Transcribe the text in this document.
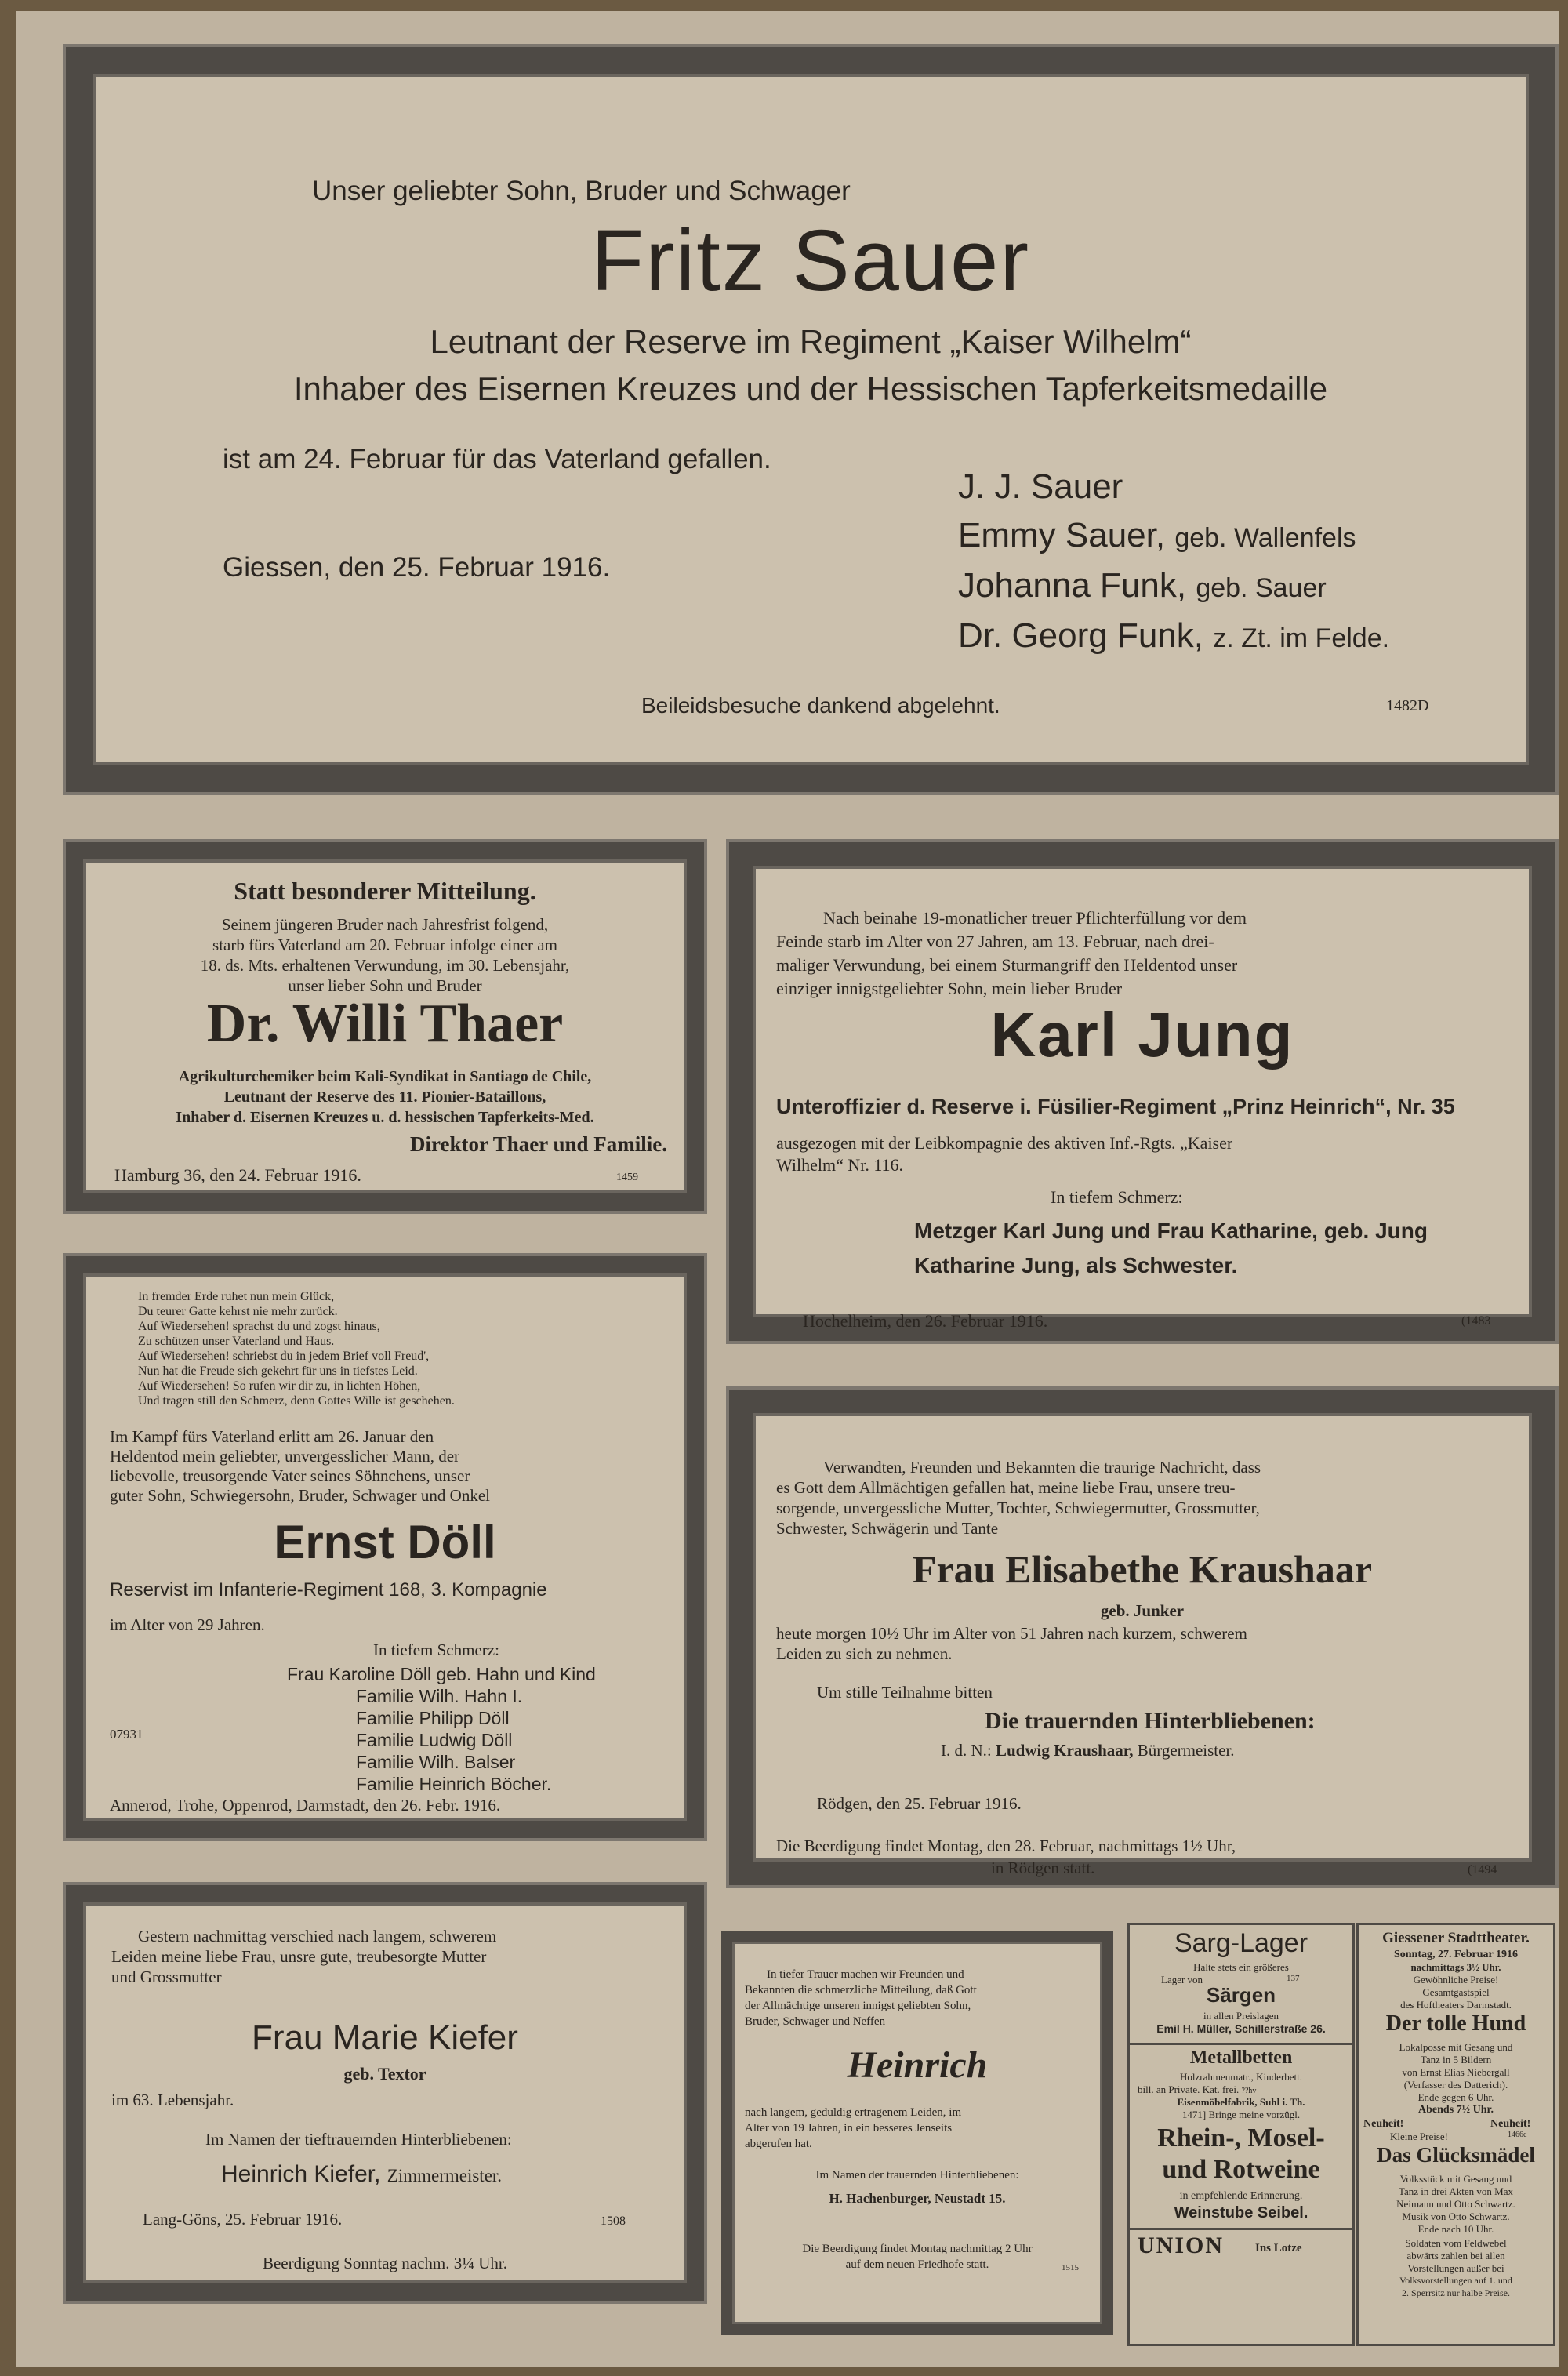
Unser geliebter Sohn, Bruder und Schwager
Fritz Sauer
Leutnant der Reserve im Regiment „Kaiser Wilhelm“
Inhaber des Eisernen Kreuzes und der Hessischen Tapferkeitsmedaille
ist am 24. Februar für das Vaterland gefallen.
Giessen, den 25. Februar 1916.
J. J. Sauer
Emmy Sauer, geb. Wallenfels
Johanna Funk, geb. Sauer
Dr. Georg Funk, z. Zt. im Felde.
Beileidsbesuche dankend abgelehnt.	1482D
Statt besonderer Mitteilung.
Seinem jüngeren Bruder nach Jahresfrist folgend,
starb fürs Vaterland am 20. Februar infolge einer am
18. ds. Mts. erhaltenen Verwundung, im 30. Lebensjahr,
unser lieber Sohn und Bruder
Dr. Willi Thaer
Agrikulturchemiker beim Kali-Syndikat in Santiago de Chile,
Leutnant der Reserve des 11. Pionier-Bataillons,
Inhaber d. Eisernen Kreuzes u. d. hessischen Tapferkeits-Med.
Direktor Thaer und Familie.
Hamburg 36, den 24. Februar 1916.	1459
In fremder Erde ruhet nun mein Glück,
Du teurer Gatte kehrst nie mehr zurück.
Auf Wiedersehen! sprachst du und zogst hinaus,
Zu schützen unser Vaterland und Haus.
Auf Wiedersehen! schriebst du in jedem Brief voll Freud',
Nun hat die Freude sich gekehrt für uns in tiefstes Leid.
Auf Wiedersehen! So rufen wir dir zu, in lichten Höhen,
Und tragen still den Schmerz, denn Gottes Wille ist geschehen.
Im Kampf fürs Vaterland erlitt am 26. Januar den
Heldentod mein geliebter, unvergesslicher Mann, der
liebevolle, treusorgende Vater seines Söhnchens, unser
guter Sohn, Schwiegersohn, Bruder, Schwager und Onkel
Ernst Döll
Reservist im Infanterie-Regiment 168, 3. Kompagnie
im Alter von 29 Jahren.
In tiefem Schmerz:
Frau Karoline Döll geb. Hahn und Kind
Familie Wilh. Hahn I.
Familie Philipp Döll
Familie Ludwig Döll
Familie Wilh. Balser
Familie Heinrich Böcher.
07931
Annerod, Trohe, Oppenrod, Darmstadt, den 26. Febr. 1916.
Gestern nachmittag verschied nach langem, schwerem
Leiden meine liebe Frau, unsre gute, treubesorgte Mutter
und Grossmutter
Frau Marie Kiefer
geb. Textor
im 63. Lebensjahr.
Im Namen der tieftrauernden Hinterbliebenen:
Heinrich Kiefer, Zimmermeister.
Lang-Göns, 25. Februar 1916.	1508
Beerdigung Sonntag nachm. 3¼ Uhr.
Nach beinahe 19-monatlicher treuer Pflichterfüllung vor dem
Feinde starb im Alter von 27 Jahren, am 13. Februar, nach drei-
maliger Verwundung, bei einem Sturmangriff den Heldentod unser
einziger innigstgeliebter Sohn, mein lieber Bruder
Karl Jung
Unteroffizier d. Reserve i. Füsilier-Regiment „Prinz Heinrich“, Nr. 35
ausgezogen mit der Leibkompagnie des aktiven Inf.-Rgts. „Kaiser
Wilhelm“ Nr. 116.
In tiefem Schmerz:
Metzger Karl Jung und Frau Katharine, geb. Jung
Katharine Jung, als Schwester.
Hochelheim, den 26. Februar 1916.	(1483
Verwandten, Freunden und Bekannten die traurige Nachricht, dass
es Gott dem Allmächtigen gefallen hat, meine liebe Frau, unsere treu-
sorgende, unvergessliche Mutter, Tochter, Schwiegermutter, Grossmutter,
Schwester, Schwägerin und Tante
Frau Elisabethe Kraushaar
geb. Junker
heute morgen 10½ Uhr im Alter von 51 Jahren nach kurzem, schwerem
Leiden zu sich zu nehmen.
Um stille Teilnahme bitten
Die trauernden Hinterbliebenen:
I. d. N.: Ludwig Kraushaar, Bürgermeister.
Rödgen, den 25. Februar 1916.
Die Beerdigung findet Montag, den 28. Februar, nachmittags 1½ Uhr,
in Rödgen statt.	(1494
In tiefer Trauer machen wir Freunden und
Bekannten die schmerzliche Mitteilung, daß Gott
der Allmächtige unseren innigst geliebten Sohn,
Bruder, Schwager und Neffen
Heinrich
nach langem, geduldig ertragenem Leiden, im
Alter von 19 Jahren, in ein besseres Jenseits
abgerufen hat.
Im Namen der trauernden Hinterbliebenen:
H. Hachenburger, Neustadt 15.
Die Beerdigung findet Montag nachmittag 2 Uhr
auf dem neuen Friedhofe statt.	1515
Sarg-Lager
Halte stets ein größeres
Lager von	137
Särgen
in allen Preislagen
Emil H. Müller, Schillerstraße 26.
Metallbetten
Holzrahmenmatr., Kinderbett.
bill. an Private. Kat. frei. ??hv
Eisenmöbelfabrik, Suhl i. Th.
1471] Bringe meine vorzügl.
Rhein-, Mosel-
und Rotweine
in empfehlende Erinnerung.
Weinstube Seibel.
UNION	Ins Lotze
Giessener Stadttheater.
Sonntag, 27. Februar 1916
nachmittags 3½ Uhr.
Gewöhnliche Preise!
Gesamtgastspiel
des Hoftheaters Darmstadt.
Der tolle Hund
Lokalposse mit Gesang und
Tanz in 5 Bildern
von Ernst Elias Niebergall
(Verfasser des Datterich).
Ende gegen 6 Uhr.
Abends 7½ Uhr.
Neuheit!	Neuheit!
Kleine Preise!	1466c
Das Glücksmädel
Volksstück mit Gesang und
Tanz in drei Akten von Max
Neimann und Otto Schwartz.
Musik von Otto Schwartz.
Ende nach 10 Uhr.
Soldaten vom Feldwebel
abwärts zahlen bei allen
Vorstellungen außer bei
Volksvorstellungen auf 1. und
2. Sperrsitz nur halbe Preise.
